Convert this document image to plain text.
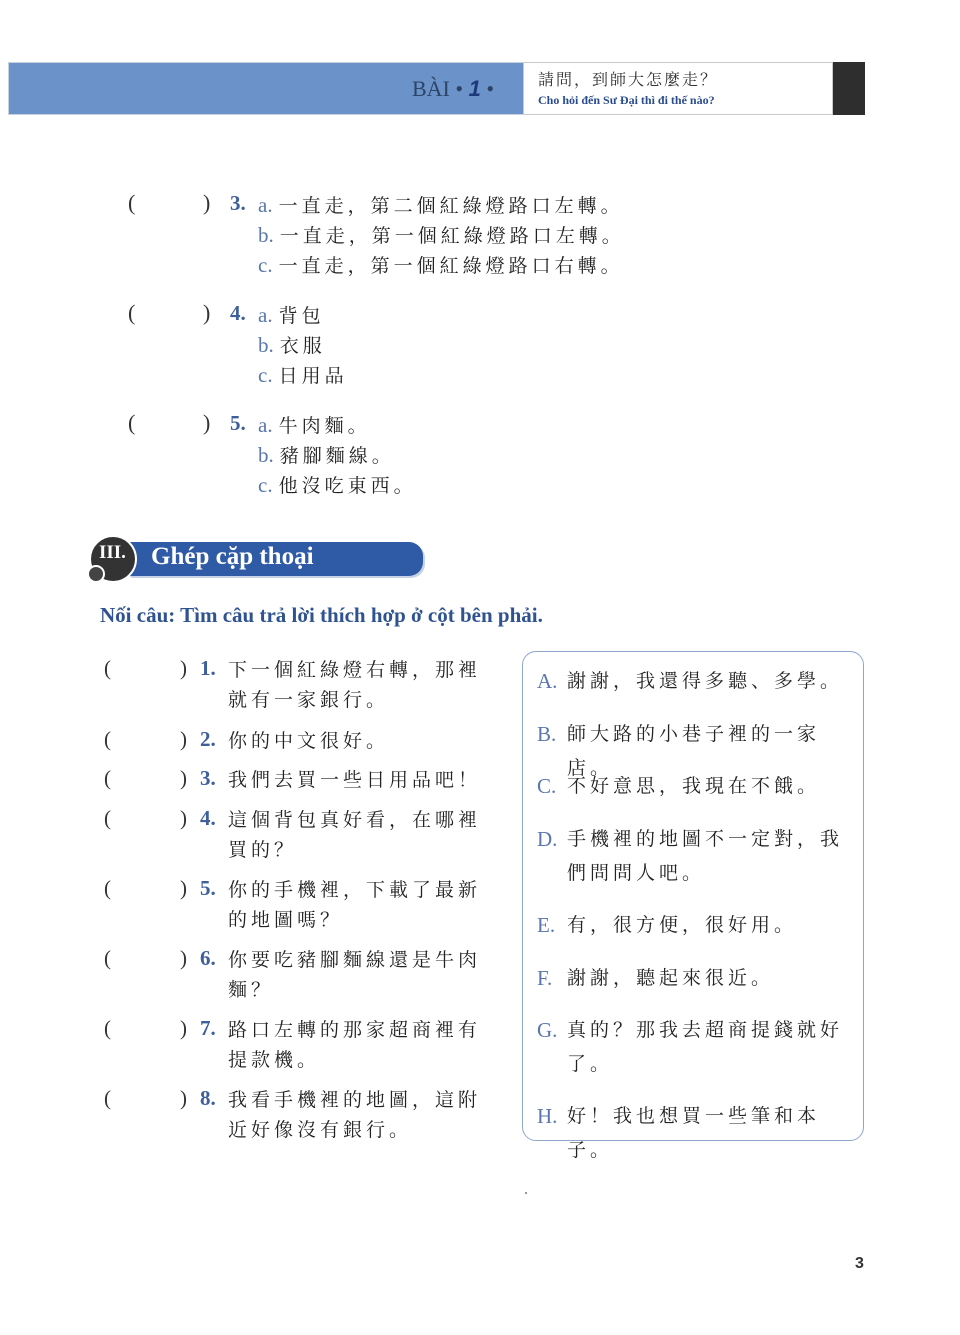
BÀI • 1 •	請問，到師大怎麼走？
Cho hỏi đến Sư Đại thì đi thế nào?
(	) 3. a. 一直走，第二個紅綠燈路口左轉。
b. 一直走，第一個紅綠燈路口左轉。
c. 一直走，第一個紅綠燈路口右轉。
(	) 4. a. 背包
b. 衣服
c. 日用品
(	) 5. a. 牛肉麵。
b. 豬腳麵線。
c. 他沒吃東西。
Ghép cặp thoại
III.
Nối câu: Tìm câu trả lời thích hợp ở cột bên phải.
(	) 1. 下一個紅綠燈右轉，那裡就有一家銀行。
(	) 2. 你的中文很好。
(	) 3. 我們去買一些日用品吧！
(	) 4. 這個背包真好看，在哪裡買的？
(	) 5. 你的手機裡，下載了最新的地圖嗎？
(	) 6. 你要吃豬腳麵線還是牛肉麵？
(	) 7. 路口左轉的那家超商裡有提款機。
(	) 8. 我看手機裡的地圖，這附近好像沒有銀行。
A. 謝謝，我還得多聽、多學。
B. 師大路的小巷子裡的一家店。
C. 不好意思，我現在不餓。
D. 手機裡的地圖不一定對，我們問問人吧。
E. 有，很方便，很好用。
F. 謝謝，聽起來很近。
G. 真的？那我去超商提錢就好了。
H. 好！我也想買一些筆和本子。
3
